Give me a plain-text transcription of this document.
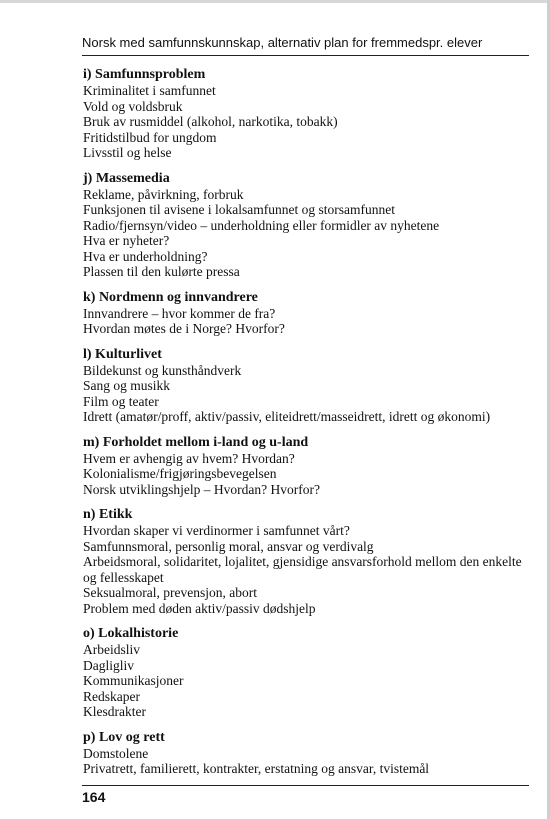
Norsk med samfunnskunnskap, alternativ plan for fremmedspr. elever

i) Samfunnsproblem

Kriminalitet i samfunnet

Vold og voldsbruk

Bruk av rusmiddel (alkohol, narkotika, tobakk)

Fritidstilbud for ungdom

Livsstil og helse

j) Massemedia

Reklame, påvirkning, forbruk

Funksjonen til avisene i lokalsamfunnet og storsamfunnet

Radio/fjernsyn/video – underholdning eller formidler av nyhetene

Hva er nyheter?

Hva er underholdning?

Plassen til den kulørte pressa

k) Nordmenn og innvandrere

Innvandrere – hvor kommer de fra?

Hvordan møtes de i Norge? Hvorfor?

l) Kulturlivet

Bildekunst og kunsthåndverk

Sang og musikk

Film og teater

Idrett (amatør/proff, aktiv/passiv, eliteidrett/masseidrett, idrett og økonomi)

m) Forholdet mellom i-land og u-land

Hvem er avhengig av hvem? Hvordan?

Kolonialisme/frigjøringsbevegelsen

Norsk utviklingshjelp – Hvordan? Hvorfor?

n) Etikk

Hvordan skaper vi verdinormer i samfunnet vårt?

Samfunnsmoral, personlig moral, ansvar og verdivalg

Arbeidsmoral, solidaritet, lojalitet, gjensidige ansvarsforhold mellom den enkelte

og fellesskapet

Seksualmoral, prevensjon, abort

Problem med døden aktiv/passiv dødshjelp

o) Lokalhistorie

Arbeidsliv

Dagligliv

Kommunikasjoner

Redskaper

Klesdrakter

p) Lov og rett

Domstolene

Privatrett, familierett, kontrakter, erstatning og ansvar, tvistemål

164
